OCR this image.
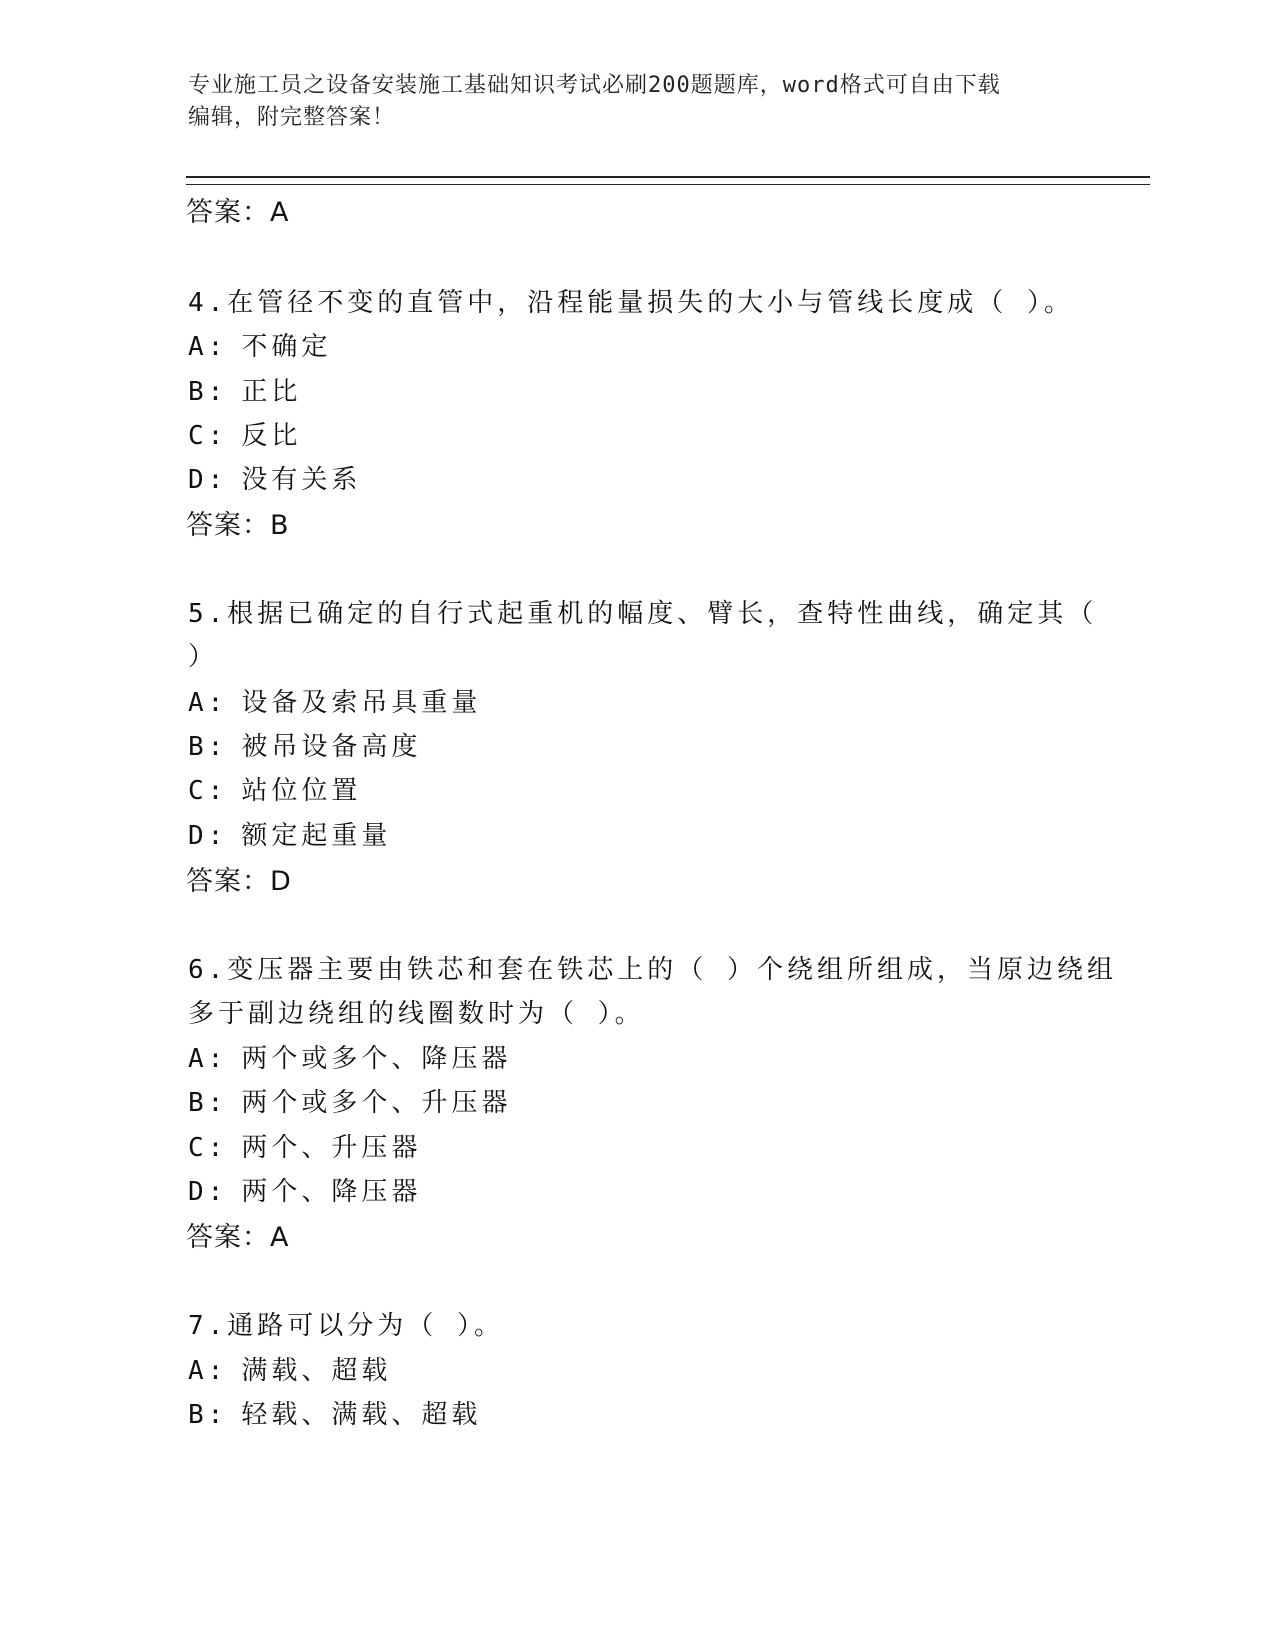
专业施工员之设备安装施工基础知识考试必刷200题题库，word格式可自由下载
编辑，附完整答案！
答案：A
4.在管径不变的直管中，沿程能量损失的大小与管线长度成（ ）。
A: 不确定
B: 正比
C: 反比
D: 没有关系
答案：B
5.根据已确定的自行式起重机的幅度、臂长，查特性曲线，确定其（
）
A: 设备及索吊具重量
B: 被吊设备高度
C: 站位位置
D: 额定起重量
答案：D
6.变压器主要由铁芯和套在铁芯上的（ ）个绕组所组成，当原边绕组
多于副边绕组的线圈数时为（ ）。
A: 两个或多个、降压器
B: 两个或多个、升压器
C: 两个、升压器
D: 两个、降压器
答案：A
7.通路可以分为（ ）。
A: 满载、超载
B: 轻载、满载、超载
